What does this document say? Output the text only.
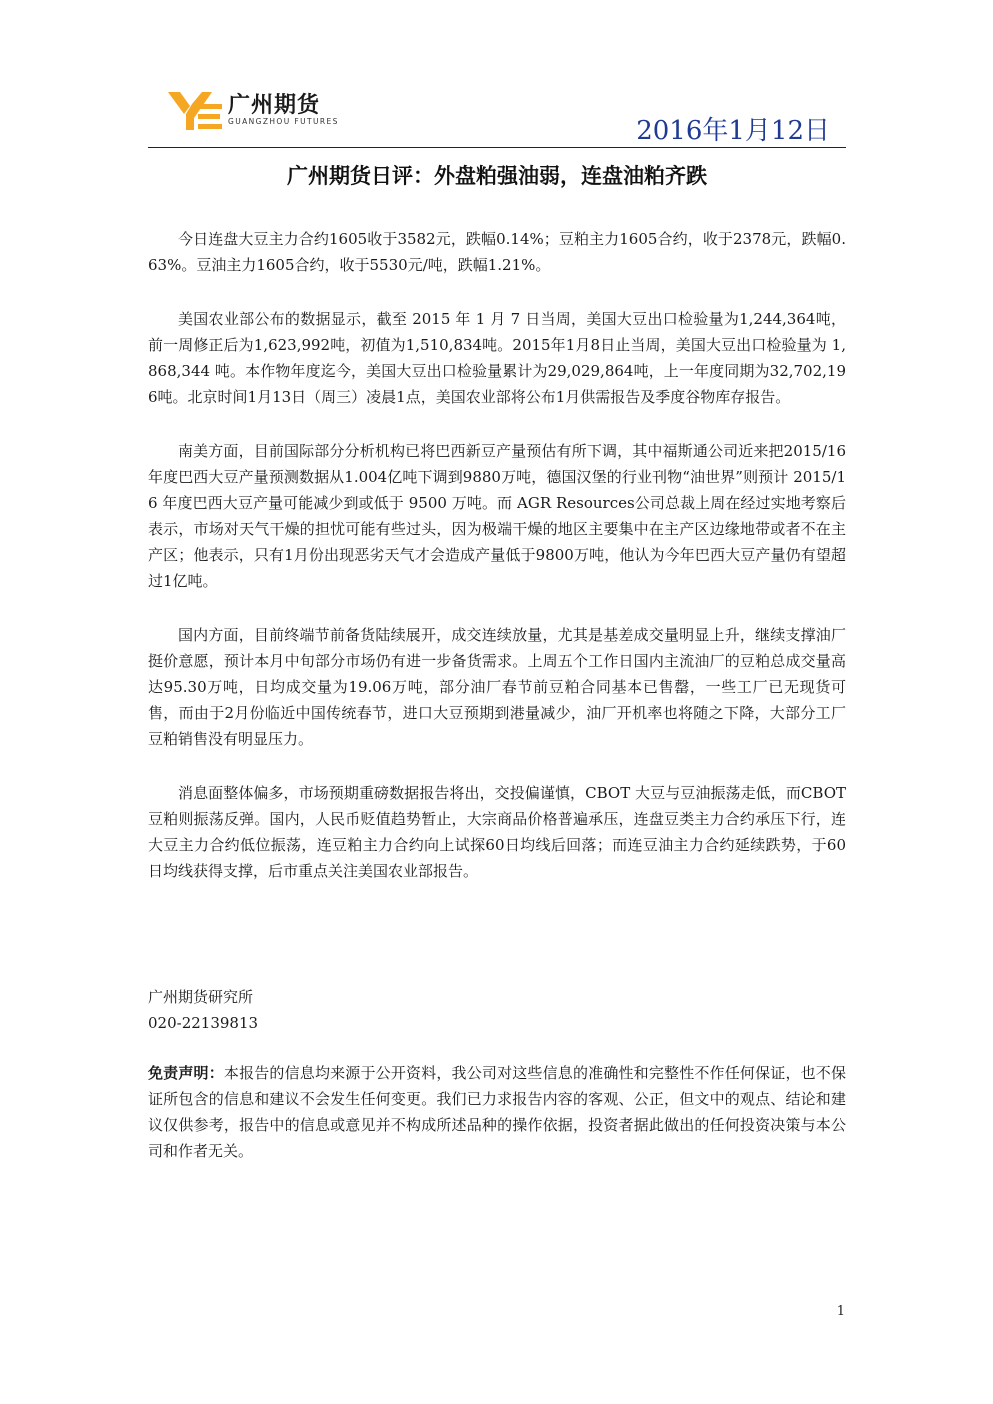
广州期货
GUANGZHOU FUTURES	2016年1月12日
广州期货日评：外盘粕强油弱，连盘油粕齐跌

今日连盘大豆主力合约1605收于3582元，跌幅0.14%；豆粕主力1605合约，收于2378元，跌幅0.63%。豆油主力1605合约，收于5530元/吨，跌幅1.21%。

美国农业部公布的数据显示，截至 2015 年 1 月 7 日当周，美国大豆出口检验量为1,244,364吨，前一周修正后为1,623,992吨，初值为1,510,834吨。2015年1月8日止当周，美国大豆出口检验量为 1,868,344 吨。本作物年度迄今，美国大豆出口检验量累计为29,029,864吨，上一年度同期为32,702,196吨。北京时间1月13日（周三）凌晨1点，美国农业部将公布1月供需报告及季度谷物库存报告。

南美方面，目前国际部分分析机构已将巴西新豆产量预估有所下调，其中福斯通公司近来把2015/16年度巴西大豆产量预测数据从1.004亿吨下调到9880万吨，德国汉堡的行业刊物“油世界”则预计 2015/16 年度巴西大豆产量可能减少到或低于 9500 万吨。而 AGR Resources公司总裁上周在经过实地考察后表示，市场对天气干燥的担忧可能有些过头，因为极端干燥的地区主要集中在主产区边缘地带或者不在主产区；他表示，只有1月份出现恶劣天气才会造成产量低于9800万吨，他认为今年巴西大豆产量仍有望超过1亿吨。

国内方面，目前终端节前备货陆续展开，成交连续放量，尤其是基差成交量明显上升，继续支撑油厂挺价意愿，预计本月中旬部分市场仍有进一步备货需求。上周五个工作日国内主流油厂的豆粕总成交量高达95.30万吨，日均成交量为19.06万吨，部分油厂春节前豆粕合同基本已售罄，一些工厂已无现货可售，而由于2月份临近中国传统春节，进口大豆预期到港量减少，油厂开机率也将随之下降，大部分工厂豆粕销售没有明显压力。

消息面整体偏多，市场预期重磅数据报告将出，交投偏谨慎，CBOT 大豆与豆油振荡走低，而CBOT豆粕则振荡反弹。国内，人民币贬值趋势暂止，大宗商品价格普遍承压，连盘豆类主力合约承压下行，连大豆主力合约低位振荡，连豆粕主力合约向上试探60日均线后回落；而连豆油主力合约延续跌势，于60日均线获得支撑，后市重点关注美国农业部报告。

广州期货研究所
020-22139813
免责声明：本报告的信息均来源于公开资料，我公司对这些信息的准确性和完整性不作任何保证，也不保证所包含的信息和建议不会发生任何变更。我们已力求报告内容的客观、公正，但文中的观点、结论和建议仅供参考，报告中的信息或意见并不构成所述品种的操作依据，投资者据此做出的任何投资决策与本公司和作者无关。
1
